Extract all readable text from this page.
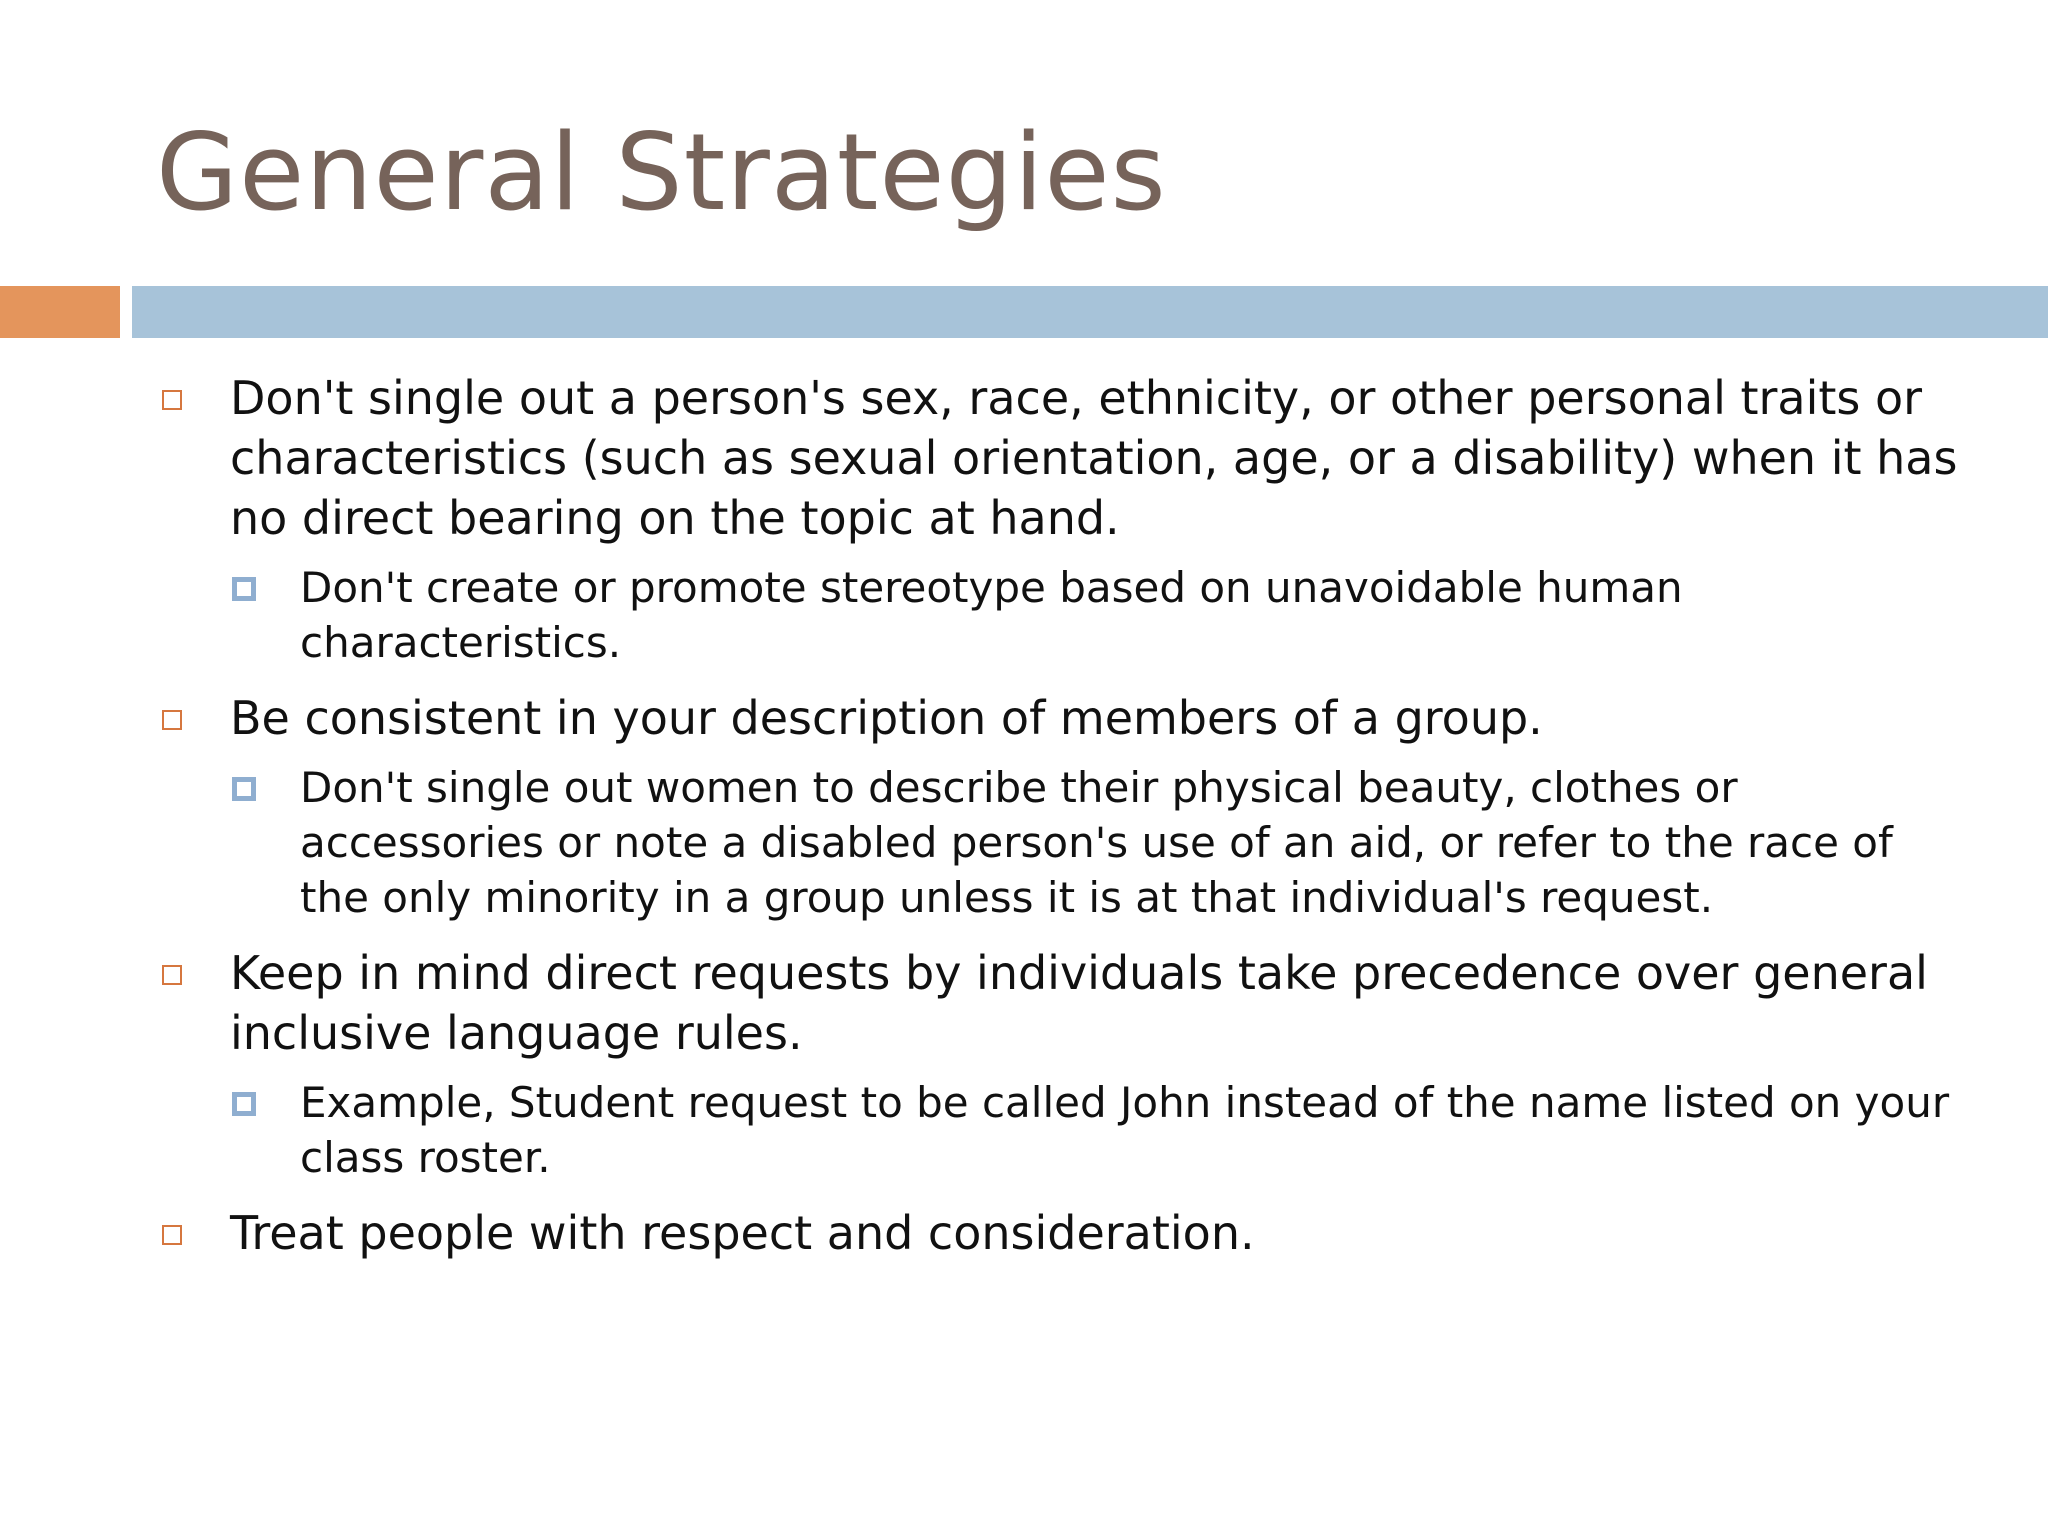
General Strategies
Don't single out a person's sex, race, ethnicity, or other personal traits or characteristics (such as sexual orientation, age, or a disability) when it has no direct bearing on the topic at hand.
Don't create or promote stereotype based on unavoidable human characteristics.
Be consistent in your description of members of a group.
Don't single out women to describe their physical beauty, clothes or accessories or note a disabled person's use of an aid, or refer to the race of the only minority in a group unless it is at that individual's request.
Keep in mind direct requests by individuals take precedence over general inclusive language rules.
Example, Student request to be called John instead of the name listed on your class roster.
Treat people with respect and consideration.
